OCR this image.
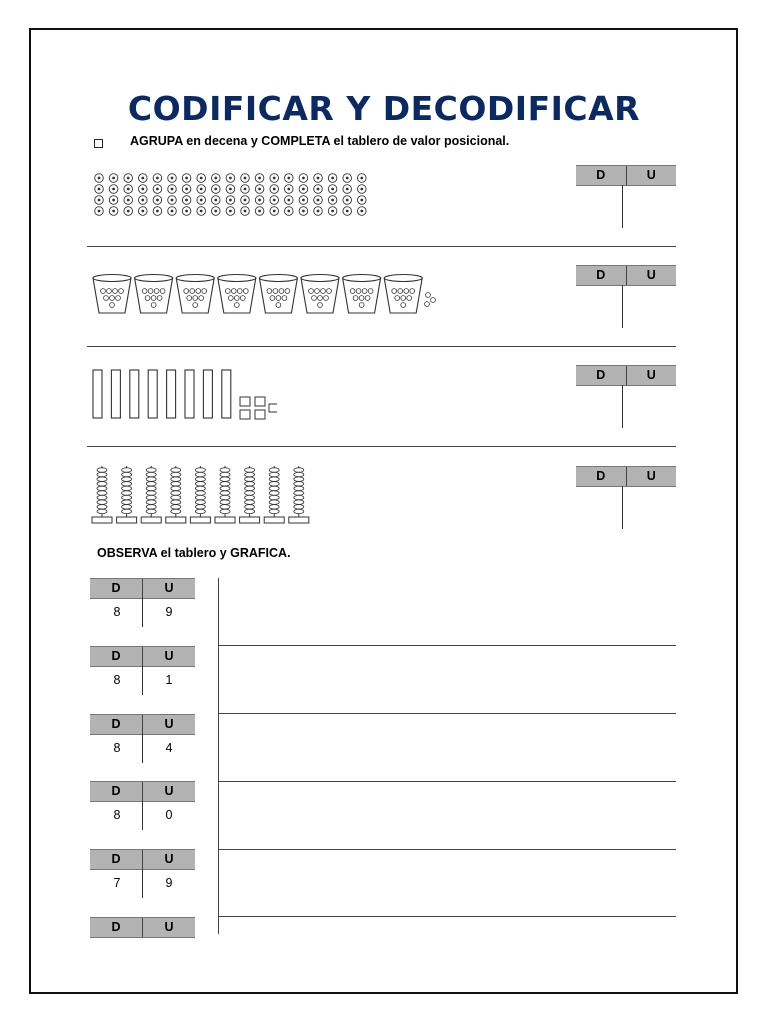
CODIFICAR Y DECODIFICAR
AGRUPA en decena y COMPLETA el tablero de valor posicional.
D	U
D	U
D	U
D	U
OBSERVA el tablero y GRAFICA.
D	U
8	9
D	U
8	1
D	U
8	4
D	U
8	0
D	U
7	9
D	U
